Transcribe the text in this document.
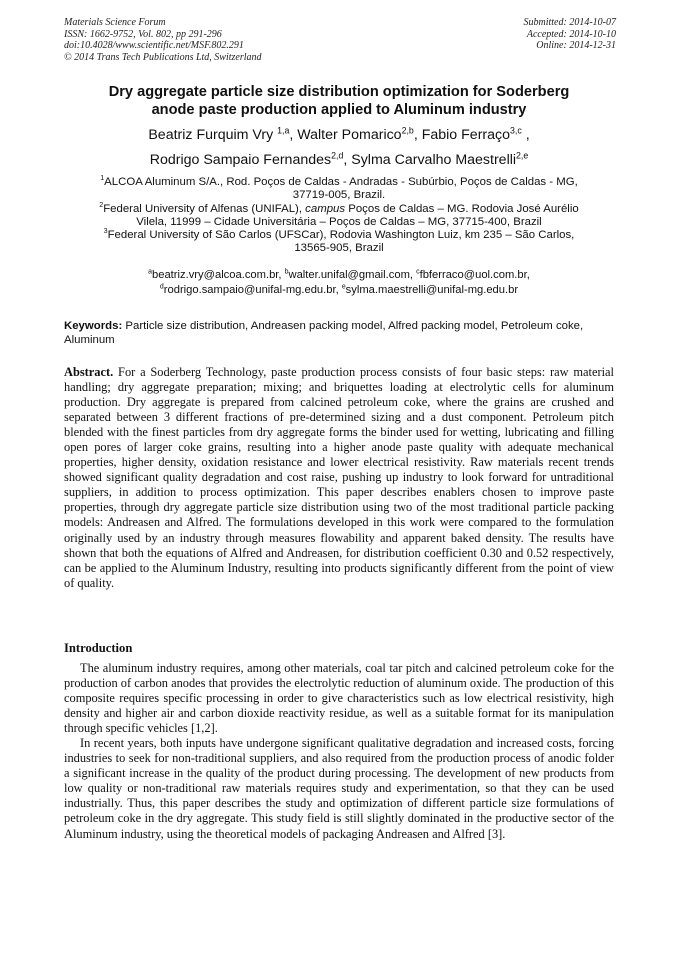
Materials Science Forum
ISSN: 1662-9752, Vol. 802, pp 291-296
doi:10.4028/www.scientific.net/MSF.802.291
© 2014 Trans Tech Publications Ltd, Switzerland
Submitted: 2014-10-07
Accepted: 2014-10-10
Online: 2014-12-31
Dry aggregate particle size distribution optimization for Soderberg
anode paste production applied to Aluminum industry
Beatriz Furquim Vry $^{1,a}$, Walter Pomarico$^{2,b}$, Fabio Ferraço$^{3,c}$ ,
Rodrigo Sampaio Fernandes$^{2,d}$, Sylma Carvalho Maestrelli$^{2,e}$
$^1$ALCOA Aluminum S/A., Rod. Poços de Caldas - Andradas - Subúrbio, Poços de Caldas - MG,
37719-005, Brazil.
$^2$Federal University of Alfenas (UNIFAL), campus Poços de Caldas – MG. Rodovia José Aurélio
Vilela, 11999 – Cidade Universitária – Poços de Caldas – MG, 37715-400, Brazil
$^3$Federal University of São Carlos (UFSCar), Rodovia Washington Luiz, km 235 – São Carlos,
13565-905, Brazil
$^a$beatriz.vry@alcoa.com.br, $^b$walter.unifal@gmail.com, $^c$fbferraco@uol.com.br,
$^d$rodrigo.sampaio@unifal-mg.edu.br, $^e$sylma.maestrelli@unifal-mg.edu.br
Keywords: Particle size distribution, Andreasen packing model, Alfred packing model, Petroleum coke, Aluminum
Abstract. For a Soderberg Technology, paste production process consists of four basic steps: raw material handling; dry aggregate preparation; mixing; and briquettes loading at electrolytic cells for aluminum production. Dry aggregate is prepared from calcined petroleum coke, where the grains are crushed and separated between 3 different fractions of pre-determined sizing and a dust component. Petroleum pitch blended with the finest particles from dry aggregate forms the binder used for wetting, lubricating and filling open pores of larger coke grains, resulting into a higher anode paste quality with adequate mechanical properties, higher density, oxidation resistance and lower electrical resistivity. Raw materials recent trends showed significant quality degradation and cost raise, pushing up industry to look forward for untraditional suppliers, in addition to process optimization. This paper describes enablers chosen to improve paste properties, through dry aggregate particle size distribution using two of the most traditional particle packing models: Andreasen and Alfred. The formulations developed in this work were compared to the formulation originally used by an industry through measures flowability and apparent baked density. The results have shown that both the equations of Alfred and Andreasen, for distribution coefficient 0.30 and 0.52 respectively, can be applied to the Aluminum Industry, resulting into products significantly different from the point of view of quality.
Introduction

The aluminum industry requires, among other materials, coal tar pitch and calcined petroleum coke for the production of carbon anodes that provides the electrolytic reduction of aluminum oxide. The production of this composite requires specific processing in order to give characteristics such as low electrical resistivity, high density and higher air and carbon dioxide reactivity residue, as well as a suitable format for its manipulation through specific vehicles [1,2].

In recent years, both inputs have undergone significant qualitative degradation and increased costs, forcing industries to seek for non-traditional suppliers, and also required from the production process of anodic folder a significant increase in the quality of the product during processing. The development of new products from low quality or non-traditional raw materials requires study and experimentation, so that they can be used industrially. Thus, this paper describes the study and optimization of different particle size formulations of petroleum coke in the dry aggregate. This study field is still slightly dominated in the productive sector of the Aluminum industry, using the theoretical models of packaging Andreasen and Alfred [3].
